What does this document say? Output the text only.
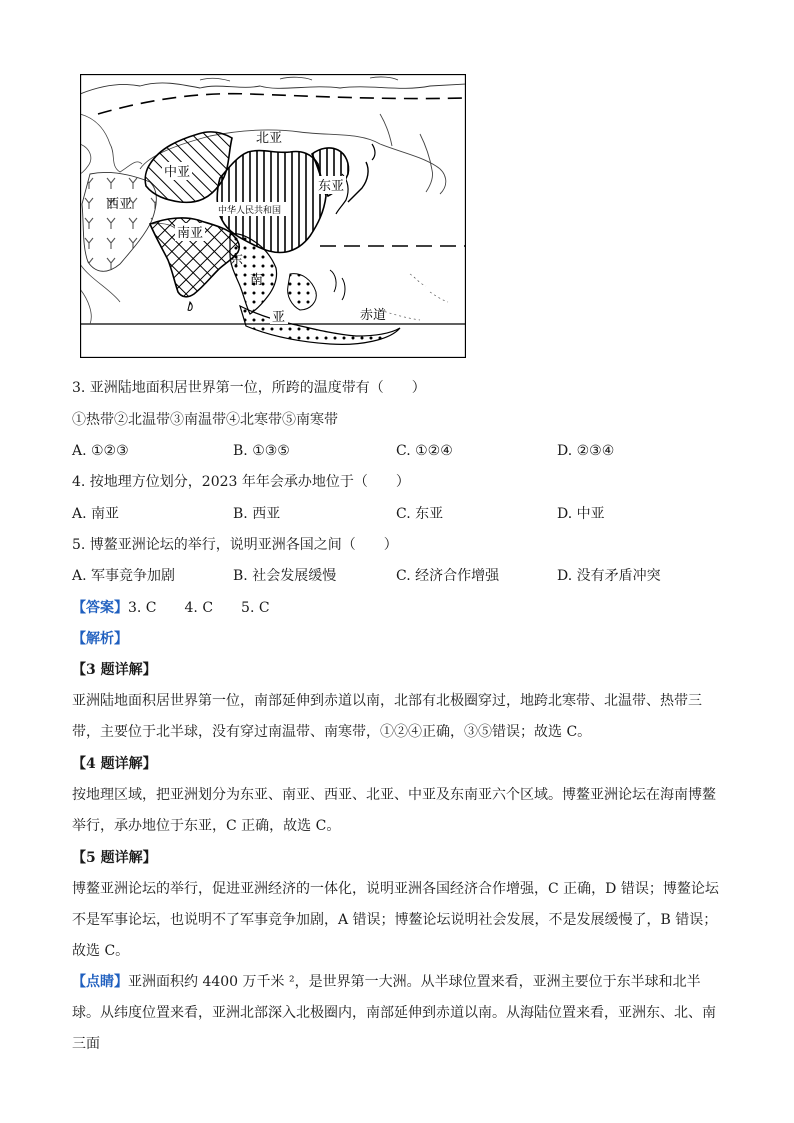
北亚
中亚
东亚
西亚	中华人民共和国
南亚
东
南
亚	赤道
3. 亚洲陆地面积居世界第一位，所跨的温度带有（　　）
①热带②北温带③南温带④北寒带⑤南寒带
A. ①②③	B. ①③⑤	C. ①②④	D. ②③④
4. 按地理方位划分，2023 年年会承办地位于（　　）
A. 南亚	B. 西亚	C. 东亚	D. 中亚
5. 博鳌亚洲论坛的举行，说明亚洲各国之间（　　）
A. 军事竞争加剧	B. 社会发展缓慢	C. 经济合作增强	D. 没有矛盾冲突
【答案】3. C　　4. C　　5. C
【解析】
【3 题详解】
亚洲陆地面积居世界第一位，南部延伸到赤道以南，北部有北极圈穿过，地跨北寒带、北温带、热带三带，主要位于北半球，没有穿过南温带、南寒带，①②④正确，③⑤错误；故选 C。
【4 题详解】
按地理区域，把亚洲划分为东亚、南亚、西亚、北亚、中亚及东南亚六个区域。博鳌亚洲论坛在海南博鳌举行，承办地位于东亚，C 正确，故选 C。
【5 题详解】
博鳌亚洲论坛的举行，促进亚洲经济的一体化，说明亚洲各国经济合作增强，C 正确，D 错误；博鳌论坛不是军事论坛，也说明不了军事竞争加剧，A 错误；博鳌论坛说明社会发展，不是发展缓慢了，B 错误；故选 C。
【点睛】亚洲面积约 4400 万千米 ²，是世界第一大洲。从半球位置来看，亚洲主要位于东半球和北半球。从纬度位置来看，亚洲北部深入北极圈内，南部延伸到赤道以南。从海陆位置来看，亚洲东、北、南三面
